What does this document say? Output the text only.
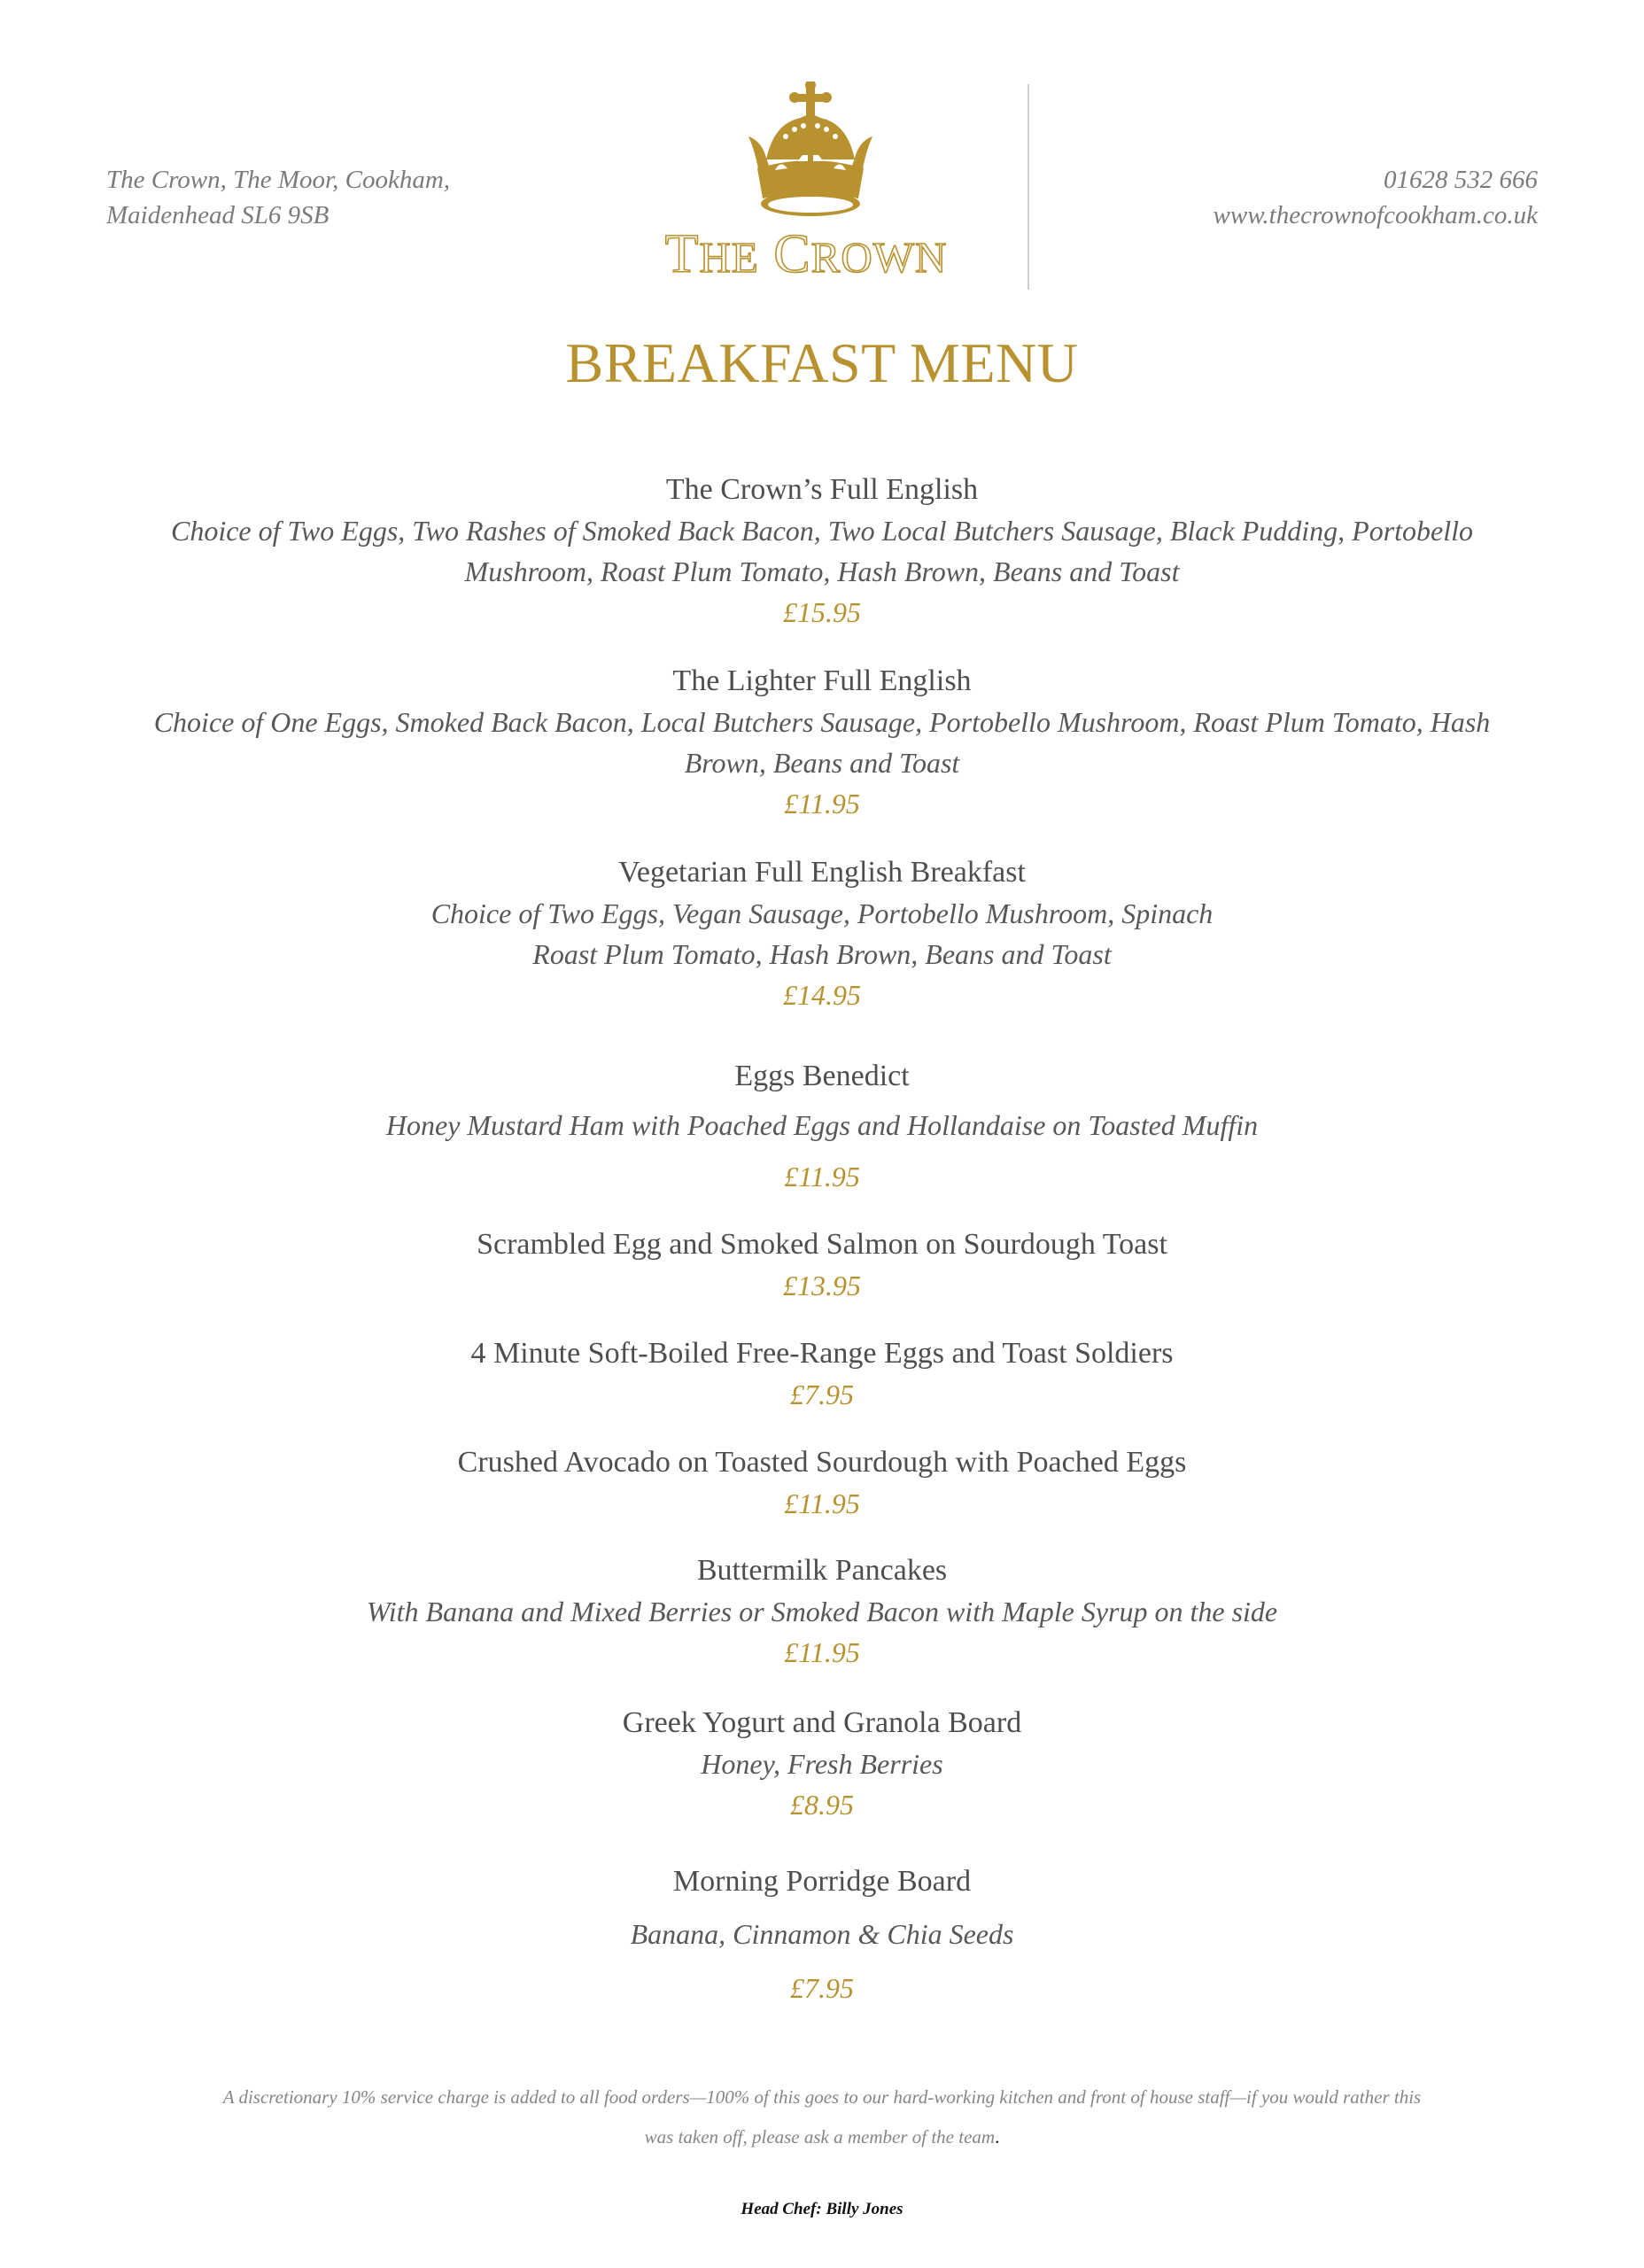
The Crown, The Moor, Cookham,
Maidenhead SL6 9SB
THE CROWN
01628 532 666
www.thecrownofcookham.co.uk
BREAKFAST MENU
The Crown’s Full English
Choice of Two Eggs, Two Rashes of Smoked Back Bacon, Two Local Butchers Sausage, Black Pudding, Portobello
Mushroom, Roast Plum Tomato, Hash Brown, Beans and Toast
£15.95
The Lighter Full English
Choice of One Eggs, Smoked Back Bacon, Local Butchers Sausage, Portobello Mushroom, Roast Plum Tomato, Hash
Brown, Beans and Toast
£11.95
Vegetarian Full English Breakfast
Choice of Two Eggs, Vegan Sausage, Portobello Mushroom, Spinach
Roast Plum Tomato, Hash Brown, Beans and Toast
£14.95
Eggs Benedict
Honey Mustard Ham with Poached Eggs and Hollandaise on Toasted Muffin
£11.95
Scrambled Egg and Smoked Salmon on Sourdough Toast
£13.95
4 Minute Soft-Boiled Free-Range Eggs and Toast Soldiers
£7.95
Crushed Avocado on Toasted Sourdough with Poached Eggs
£11.95
Buttermilk Pancakes
With Banana and Mixed Berries or Smoked Bacon with Maple Syrup on the side
£11.95
Greek Yogurt and Granola Board
Honey, Fresh Berries
£8.95
Morning Porridge Board
Banana, Cinnamon & Chia Seeds
£7.95
A discretionary 10% service charge is added to all food orders—100% of this goes to our hard-working kitchen and front of house staff—if you would rather this
was taken off, please ask a member of the team.
Head Chef: Billy Jones
